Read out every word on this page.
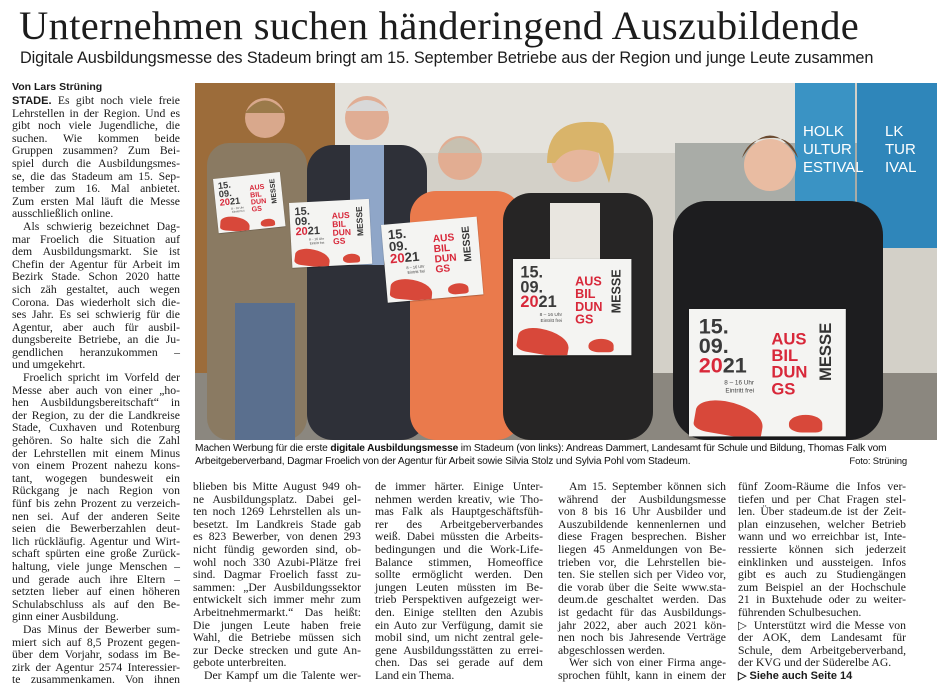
Unternehmen suchen händeringend Auszubildende
Digitale Ausbildungsmesse des Stadeum bringt am 15. September Betriebe aus der Region und junge Leute zusammen
Von Lars Strüning
HOLK
ULTUR
ESTIVAL
LK
TUR
IVAL
15.
09.
2021
AUS
BIL
DUN
GS
MESSE
8 – 16 Uhr
Eintritt frei 15.
09.
2021
AUS
BIL
DUN
GS
MESSE
8 – 16 Uhr
Eintritt frei
15.
09.
2021
AUS
BIL
DUN
GS
MESSE
8 – 16 Uhr
Eintritt frei	15.
09.
2021
AUS
BIL
DUN
GS
MESSE
8 – 16 Uhr
Eintritt frei	15.
09.
2021
AUS
BIL
DUN
GS
MESSE
8 – 16 Uhr
Eintritt frei
Machen Werbung für die erste digitale Ausbildungsmesse im Stadeum (von links): Andreas Dammert, Landesamt für Schule und Bildung, Thomas Falk vom Arbeitgeberverband, Dagmar Froelich von der Agentur für Arbeit sowie Silvia Stolz und Sylvia Pohl vom Stadeum.	Foto: Strüning
STADE. Es gibt noch viele freie
Lehrstellen in der Region. Und es
gibt noch viele Jugendliche, die
suchen. Wie kommen beide
Gruppen zusammen? Zum Bei-
spiel durch die Ausbildungsmes-
se, die das Stadeum am 15. Sep-
tember zum 16. Mal anbietet.
Zum ersten Mal läuft die Messe
ausschließlich online.
Als schwierig bezeichnet Dag-
mar Froelich die Situation auf
dem Ausbildungsmarkt. Sie ist
Chefin der Agentur für Arbeit im
Bezirk Stade. Schon 2020 hatte
sich zäh gestaltet, auch wegen
Corona. Das wiederholt sich die-
ses Jahr. Es sei schwierig für die
Agentur, aber auch für ausbil-
dungsbereite Betriebe, an die Ju-
gendlichen heranzukommen –
und umgekehrt.
Froelich spricht im Vorfeld der
Messe aber auch von einer „ho-
hen Ausbildungsbereitschaft“ in
der Region, zu der die Landkreise
Stade, Cuxhaven und Rotenburg
gehören. So halte sich die Zahl
der Lehrstellen mit einem Minus
von einem Prozent nahezu kons-
tant, wogegen bundesweit ein
Rückgang je nach Region von
fünf bis zehn Prozent zu verzeich-
nen sei. Auf der anderen Seite
seien die Bewerberzahlen deut-
lich rückläufig. Agentur und Wirt-
schaft spürten eine große Zurück-
haltung, viele junge Menschen –
und gerade auch ihre Eltern –
setzten lieber auf einen höheren
Schulabschluss als auf den Be-
ginn einer Ausbildung.
Das Minus der Bewerber sum-
miert sich auf 8,5 Prozent gegen-
über dem Vorjahr, sodass im Be-
zirk der Agentur 2574 Interessier-
te zusammenkamen. Von ihnen
blieben bis Mitte August 949 oh-
ne Ausbildungsplatz. Dabei gel-
ten noch 1269 Lehrstellen als un-
besetzt. Im Landkreis Stade gab
es 823 Bewerber, von denen 293
nicht fündig geworden sind, ob-
wohl noch 330 Azubi-Plätze frei
sind. Dagmar Froelich fasst zu-
sammen: „Der Ausbildungssektor
entwickelt sich immer mehr zum
Arbeitnehmermarkt.“ Das heißt:
Die jungen Leute haben freie
Wahl, die Betriebe müssen sich
zur Decke strecken und gute An-
gebote unterbreiten.
Der Kampf um die Talente wer-
de immer härter. Einige Unter-
nehmen werden kreativ, wie Tho-
mas Falk als Hauptgeschäftsfüh-
rer des Arbeitgeberverbandes
weiß. Dabei müssten die Arbeits-
bedingungen und die Work-Life-
Balance stimmen, Homeoffice
sollte ermöglicht werden. Den
jungen Leuten müssten im Be-
trieb Perspektiven aufgezeigt wer-
den. Einige stellten den Azubis
ein Auto zur Verfügung, damit sie
mobil sind, um nicht zentral gele-
gene Ausbildungsstätten zu errei-
chen. Das sei gerade auf dem
Land ein Thema.
Am 15. September können sich
während der Ausbildungsmesse
von 8 bis 16 Uhr Ausbilder und
Auszubildende kennenlernen und
diese Fragen besprechen. Bisher
liegen 45 Anmeldungen von Be-
trieben vor, die Lehrstellen bie-
ten. Sie stellen sich per Video vor,
die vorab über die Seite www.sta-
deum.de geschaltet werden. Das
ist gedacht für das Ausbildungs-
jahr 2022, aber auch 2021 kön-
nen noch bis Jahresende Verträge
abgeschlossen werden.
Wer sich von einer Firma ange-
sprochen fühlt, kann in einem der
fünf Zoom-Räume die Infos ver-
tiefen und per Chat Fragen stel-
len. Über stadeum.de ist der Zeit-
plan einzusehen, welcher Betrieb
wann und wo erreichbar ist, Inte-
ressierte können sich jederzeit
einklinken und aussteigen. Infos
gibt es auch zu Studiengängen
zum Beispiel an der Hochschule
21 in Buxtehude oder zu weiter-
führenden Schulbesuchen.
▷ Unterstützt wird die Messe von
der AOK, dem Landesamt für
Schule, dem Arbeitgeberverband,
der KVG und der Süderelbe AG.
▷ Siehe auch Seite 14
